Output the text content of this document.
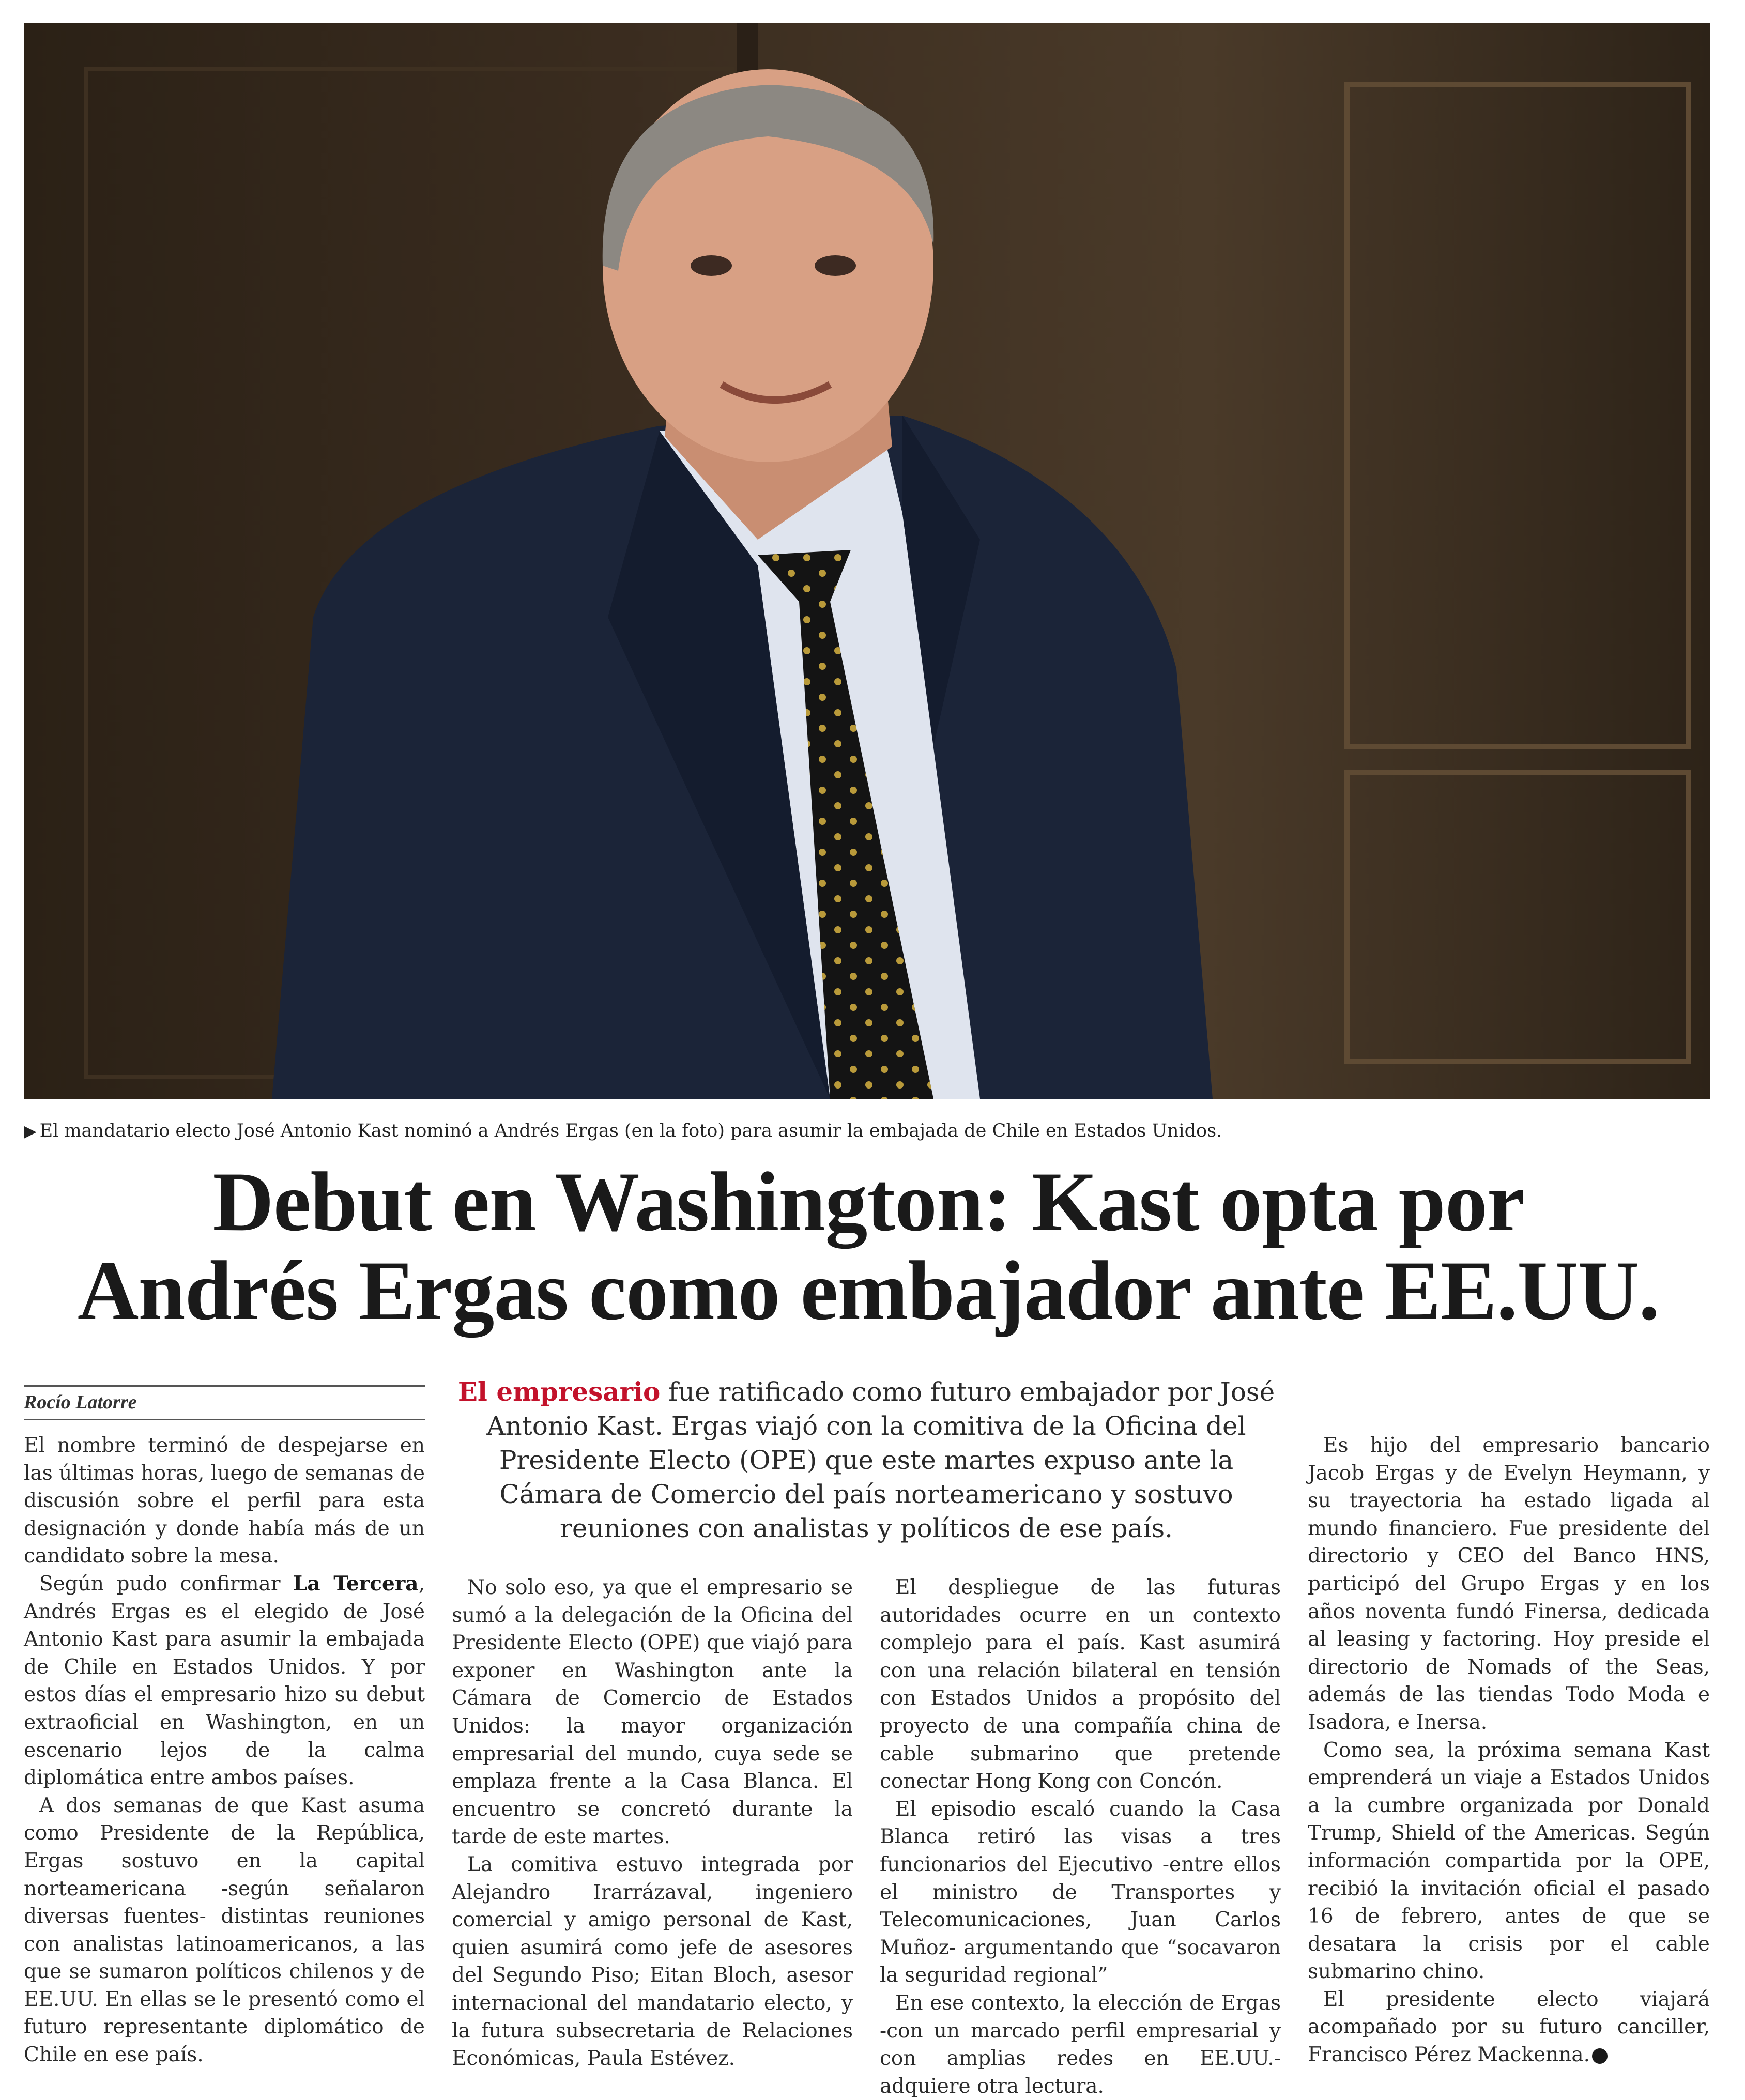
▶ El mandatario electo José Antonio Kast nominó a Andrés Ergas (en la foto) para asumir la embajada de Chile en Estados Unidos.
Debut en Washington: Kast opta por
Andrés Ergas como embajador ante EE.UU.
Rocío Latorre	El empresario fue ratificado como futuro embajador por José Antonio Kast. Ergas viajó con la comitiva de la Oficina del Presidente Electo (OPE) que este martes expuso ante la Cámara de Comercio del país norteamericano y sostuvo reuniones con analistas y políticos de ese país.

El nombre terminó de despejarse en las últimas horas, luego de semanas de discusión sobre el perfil para esta designación y donde había más de un candidato sobre la mesa.

Según pudo confirmar La Tercera, Andrés Ergas es el elegido de José Antonio Kast para asumir la embajada de Chile en Estados Unidos. Y por estos días el empresario hizo su debut extraoficial en Washington, en un escenario lejos de la calma diplomática entre ambos países.

A dos semanas de que Kast asuma como Presidente de la República, Ergas sostuvo en la capital norteamericana -según señalaron diversas fuentes- distintas reuniones con analistas latinoamericanos, a las que se sumaron políticos chilenos y de EE.UU. En ellas se le presentó como el futuro representante diplomático de Chile en ese país.

No solo eso, ya que el empresario se sumó a la delegación de la Oficina del Presidente Electo (OPE) que viajó para exponer en Washington ante la Cámara de Comercio de Estados Unidos: la mayor organización empresarial del mundo, cuya sede se emplaza frente a la Casa Blanca. El encuentro se concretó durante la tarde de este martes.

La comitiva estuvo integrada por Alejandro Irarrázaval, ingeniero comercial y amigo personal de Kast, quien asumirá como jefe de asesores del Segundo Piso; Eitan Bloch, asesor internacional del mandatario electo, y la futura subsecretaria de Relaciones Económicas, Paula Estévez.

El despliegue de las futuras autoridades ocurre en un contexto complejo para el país. Kast asumirá con una relación bilateral en tensión con Estados Unidos a propósito del proyecto de una compañía china de cable submarino que pretende conectar Hong Kong con Concón.

El episodio escaló cuando la Casa Blanca retiró las visas a tres funcionarios del Ejecutivo -entre ellos el ministro de Transportes y Telecomunicaciones, Juan Carlos Muñoz- argumentando que “socavaron la seguridad regional”

En ese contexto, la elección de Ergas -con un marcado perfil empresarial y con amplias redes en EE.UU.- adquiere otra lectura.

Es hijo del empresario bancario Jacob Ergas y de Evelyn Heymann, y su trayectoria ha estado ligada al mundo financiero. Fue presidente del directorio y CEO del Banco HNS, participó del Grupo Ergas y en los años noventa fundó Finersa, dedicada al leasing y factoring. Hoy preside el directorio de Nomads of the Seas, además de las tiendas Todo Moda e Isadora, e Inersa.

Como sea, la próxima semana Kast emprenderá un viaje a Estados Unidos a la cumbre organizada por Donald Trump, Shield of the Americas. Según información compartida por la OPE, recibió la invitación oficial el pasado 16 de febrero, antes de que se desatara la crisis por el cable submarino chino.

El presidente electo viajará acompañado por su futuro canciller, Francisco Pérez Mackenna.
